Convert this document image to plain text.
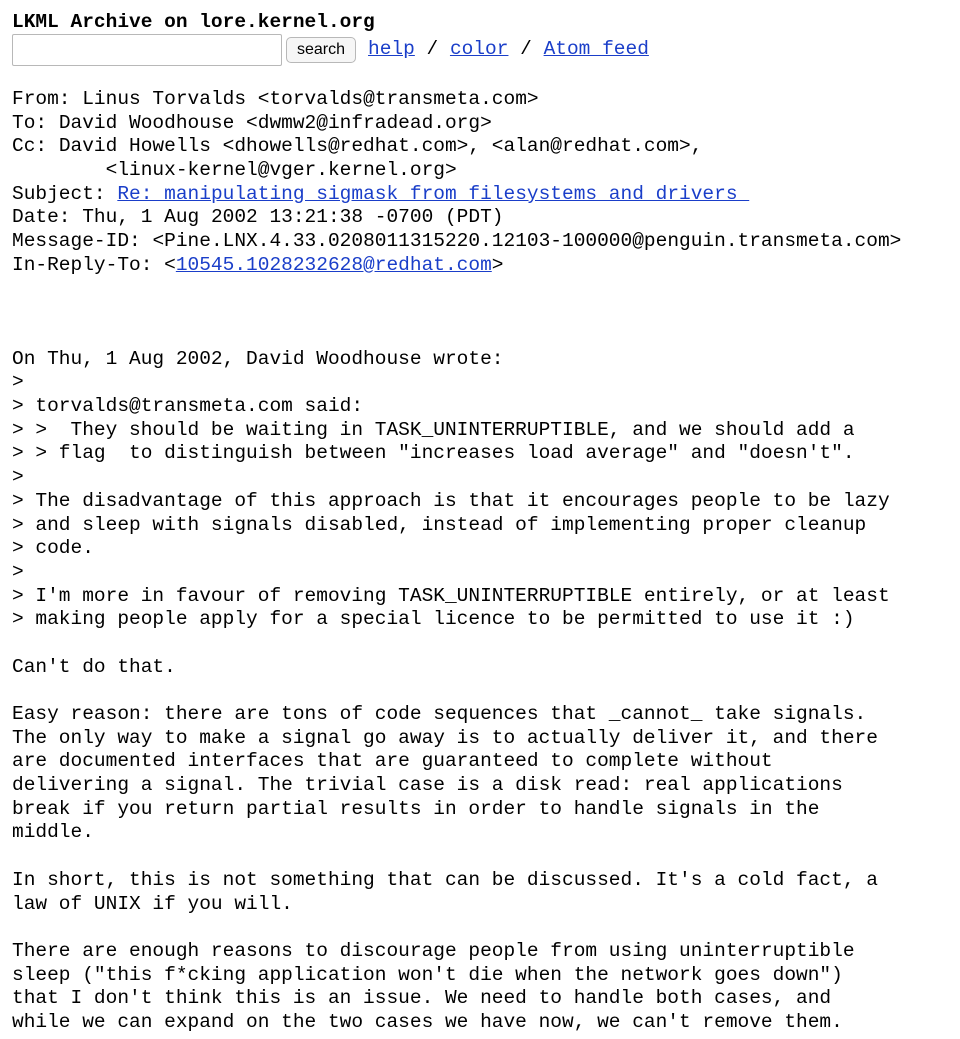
LKML Archive on lore.kernel.org
search	help / color / Atom feed
From: Linus Torvalds <torvalds@transmeta.com>
To: David Woodhouse <dwmw2@infradead.org>
Cc: David Howells <dhowells@redhat.com>, <alan@redhat.com>,
<linux-kernel@vger.kernel.org>
Subject: Re: manipulating sigmask from filesystems and drivers
Date: Thu, 1 Aug 2002 13:21:38 -0700 (PDT)
Message-ID: <Pine.LNX.4.33.0208011315220.12103-100000@penguin.transmeta.com>
In-Reply-To: <10545.1028232628@redhat.com>
On Thu, 1 Aug 2002, David Woodhouse wrote:
>
> torvalds@transmeta.com said:
> >  They should be waiting in TASK_UNINTERRUPTIBLE, and we should add a
> > flag  to distinguish between "increases load average" and "doesn't".
>
> The disadvantage of this approach is that it encourages people to be lazy
> and sleep with signals disabled, instead of implementing proper cleanup
> code.
>
> I'm more in favour of removing TASK_UNINTERRUPTIBLE entirely, or at least
> making people apply for a special licence to be permitted to use it :)
Can't do that.
Easy reason: there are tons of code sequences that _cannot_ take signals.
The only way to make a signal go away is to actually deliver it, and there
are documented interfaces that are guaranteed to complete without
delivering a signal. The trivial case is a disk read: real applications
break if you return partial results in order to handle signals in the
middle.
In short, this is not something that can be discussed. It's a cold fact, a
law of UNIX if you will.
There are enough reasons to discourage people from using uninterruptible
sleep ("this f*cking application won't die when the network goes down")
that I don't think this is an issue. We need to handle both cases, and
while we can expand on the two cases we have now, we can't remove them.
